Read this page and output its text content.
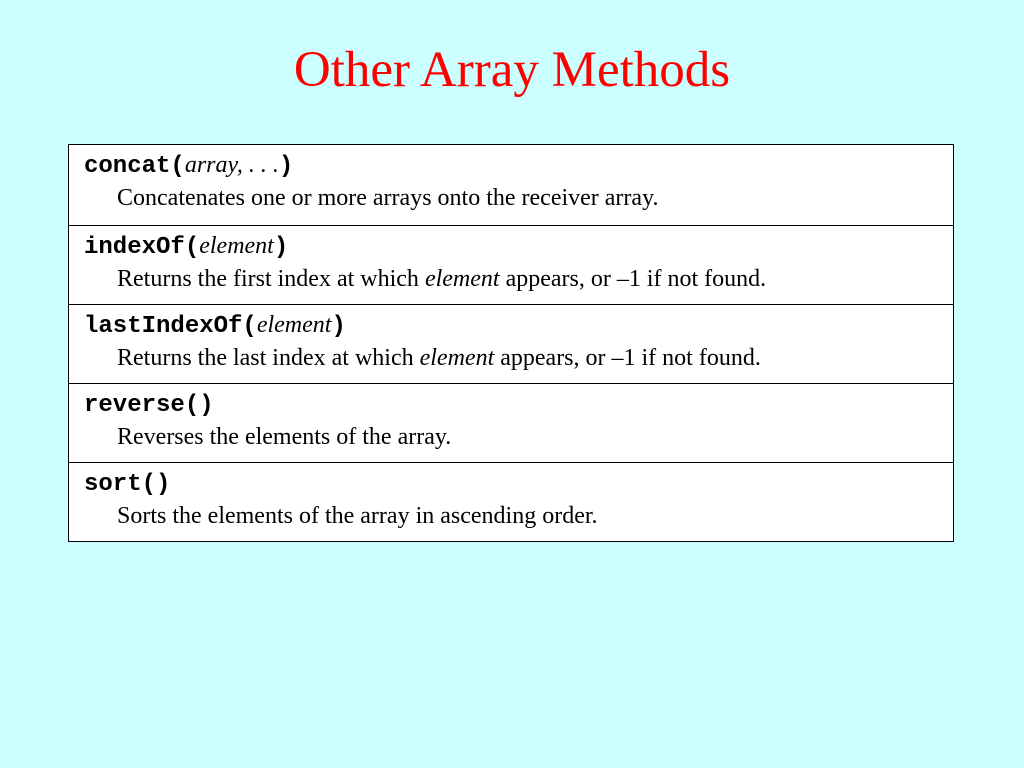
Other Array Methods
concat(array, . . .)
Concatenates one or more arrays onto the receiver array.
indexOf(element)
Returns the first index at which element appears, or –1 if not found.
lastIndexOf(element)
Returns the last index at which element appears, or –1 if not found.
reverse()
Reverses the elements of the array.
sort()
Sorts the elements of the array in ascending order.
